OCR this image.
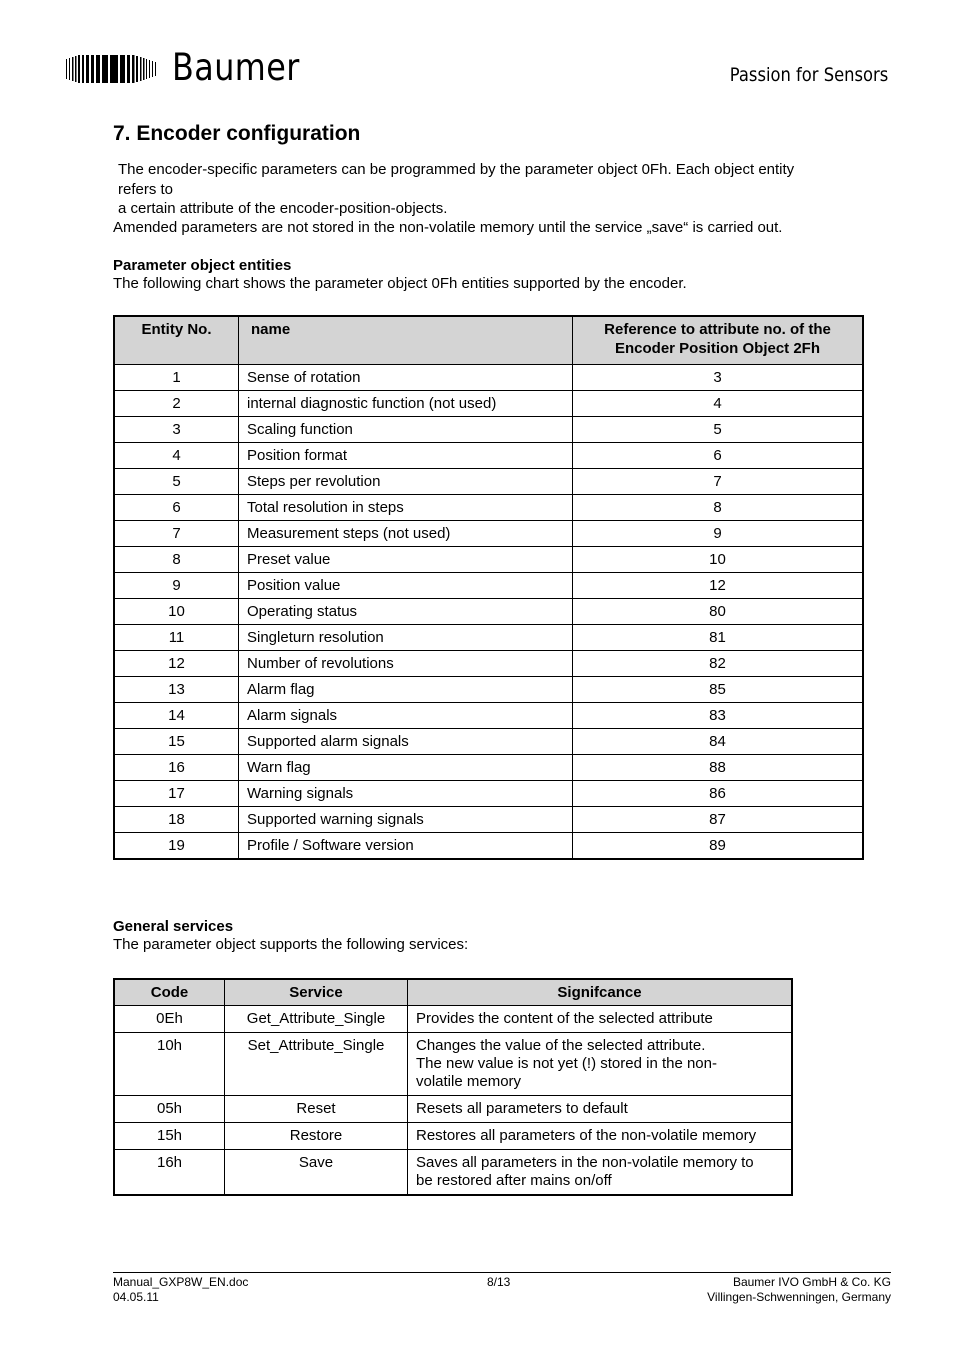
Baumer	Passion for Sensors
7. Encoder configuration
The encoder-specific parameters can be programmed by the parameter object 0Fh. Each object entity
refers to
a certain attribute of the encoder-position-objects.
Amended parameters are not stored in the non-volatile memory until the service „save“ is carried out.
Parameter object entities
The following chart shows the parameter object 0Fh entities supported by the encoder.
Entity No.	name	Reference to attribute no. of the Encoder Position Object 2Fh
1	Sense of rotation	3
2	internal diagnostic function (not used)	4
3	Scaling function	5
4	Position format	6
5	Steps per revolution	7
6	Total resolution in steps	8
7	Measurement steps (not used)	9
8	Preset value	10
9	Position value	12
10	Operating status	80
11	Singleturn resolution	81
12	Number of revolutions	82
13	Alarm flag	85
14	Alarm signals	83
15	Supported alarm signals	84
16	Warn flag	88
17	Warning signals	86
18	Supported warning signals	87
19	Profile / Software version	89
General services
The parameter object supports the following services:
Code	Service	Signifcance
0Eh	Get_Attribute_Single	Provides the content of the selected attribute
10h	Set_Attribute_Single	Changes the value of the selected attribute.
The new value is not yet (!) stored in the non-
volatile memory
05h	Reset	Resets all parameters to default
15h	Restore	Restores all parameters of the non-volatile memory
16h	Save	Saves all parameters in the non-volatile memory to
be restored after mains on/off
Manual_GXP8W_EN.doc
04.05.11
8/13	Baumer IVO GmbH & Co. KG
Villingen-Schwenningen, Germany
